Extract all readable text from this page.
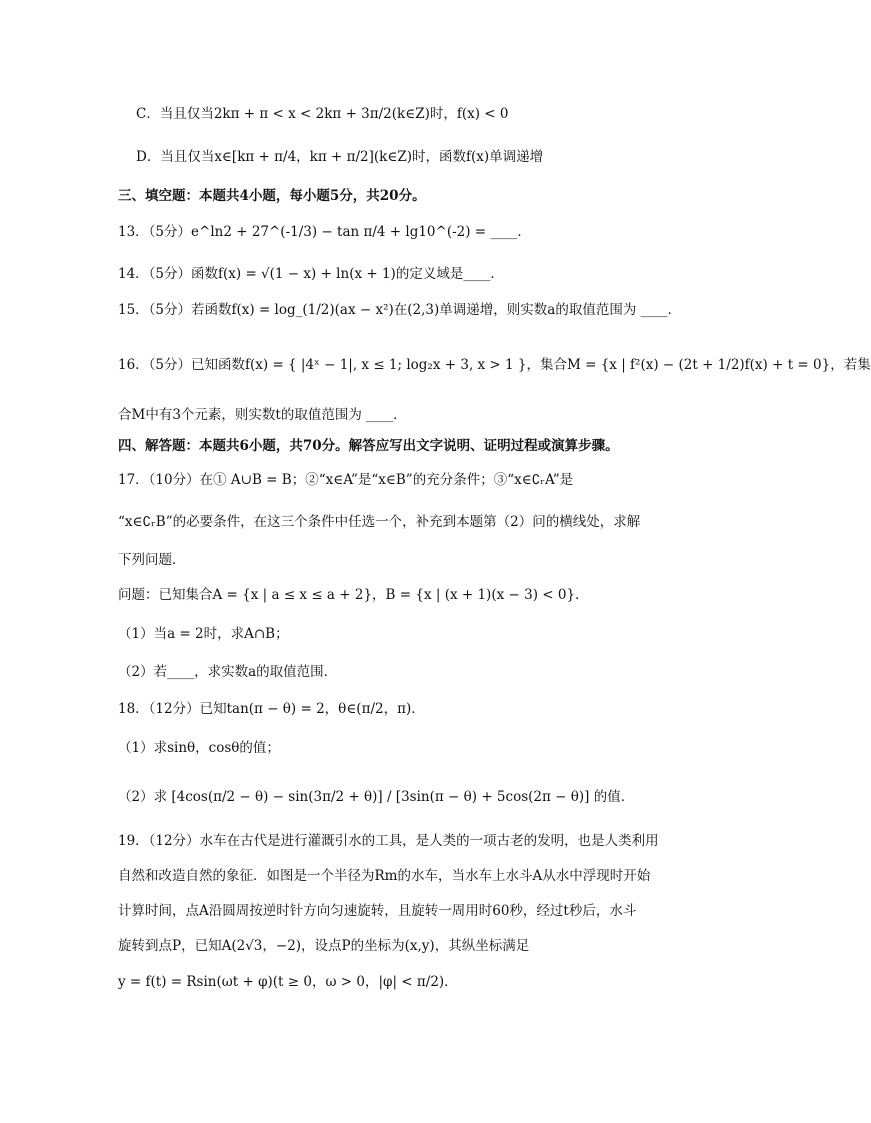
C．当且仅当2kπ + π < x < 2kπ + 3π/2(k∈Z)时，f(x) < 0
D．当且仅当x∈[kπ + π/4，kπ + π/2](k∈Z)时，函数f(x)单调递增
三、填空题：本题共4小题，每小题5分，共20分。
13．（5分）e^ln2 + 27^(-1/3) − tan π/4 + lg10^(-2) = ____．
14．（5分）函数f(x) = √(1 − x) + ln(x + 1)的定义域是____．
15．（5分）若函数f(x) = log_(1/2)(ax − x²)在(2,3)单调递增，则实数a的取值范围为 ____．
16．（5分）已知函数f(x) = { |4ˣ − 1|, x ≤ 1; log₂x + 3, x > 1 }，集合M = {x | f²(x) − (2t + 1/2)f(x) + t = 0}，若集
合M中有3个元素，则实数t的取值范围为 ____．
四、解答题：本题共6小题，共70分。解答应写出文字说明、证明过程或演算步骤。
17．（10分）在① A∪B = B；②“x∈A”是“x∈B”的充分条件；③“x∈∁ᵣA”是
“x∈∁ᵣB”的必要条件，在这三个条件中任选一个，补充到本题第（2）问的横线处，求解
下列问题．
问题：已知集合A = {x | a ≤ x ≤ a + 2}，B = {x | (x + 1)(x − 3) < 0}．
（1）当a = 2时，求A∩B；
（2）若____，求实数a的取值范围．
18．（12分）已知tan(π − θ) = 2，θ∈(π/2，π)．
（1）求sinθ，cosθ的值；
（2）求 [4cos(π/2 − θ) − sin(3π/2 + θ)] / [3sin(π − θ) + 5cos(2π − θ)] 的值．
19．（12分）水车在古代是进行灌溉引水的工具，是人类的一项古老的发明，也是人类利用
自然和改造自然的象征．如图是一个半径为Rm的水车，当水车上水斗A从水中浮现时开始
计算时间，点A沿圆周按逆时针方向匀速旋转，且旋转一周用时60秒，经过t秒后，水斗
旋转到点P，已知A(2√3，−2)，设点P的坐标为(x,y)，其纵坐标满足
y = f(t) = Rsin(ωt + φ)(t ≥ 0，ω > 0，|φ| < π/2)．
